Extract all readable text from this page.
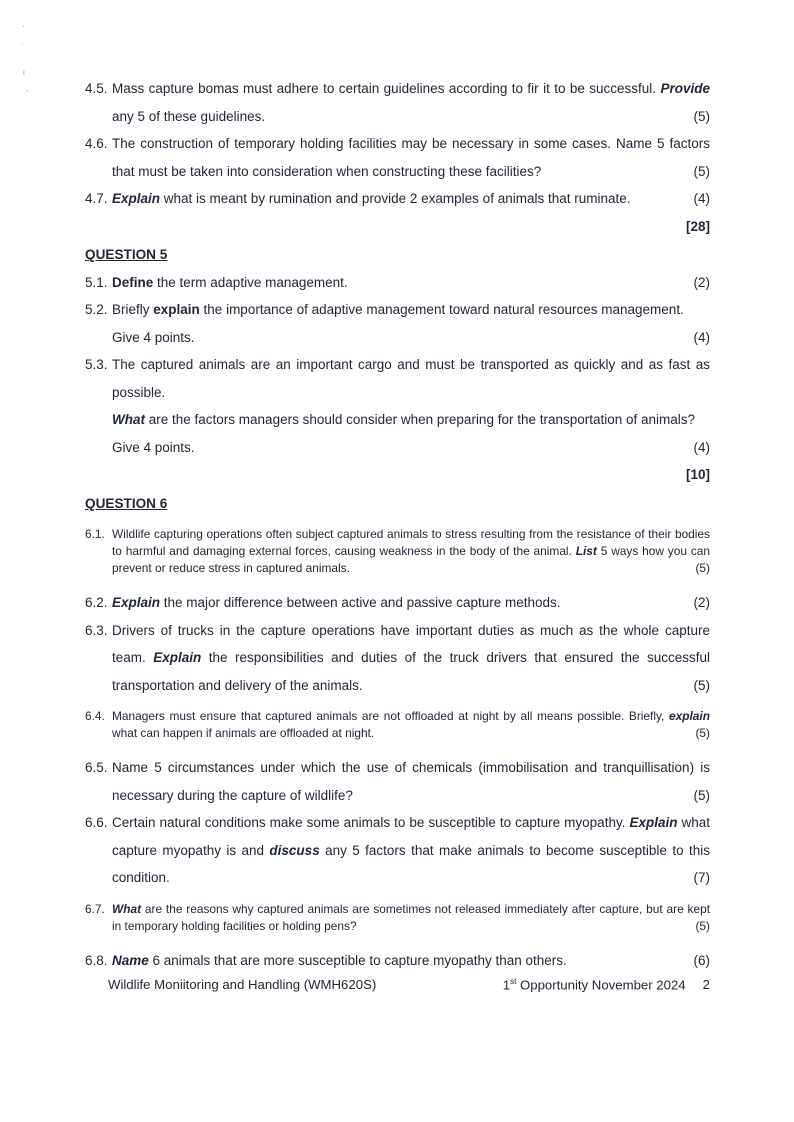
4.5. Mass capture bomas must adhere to certain guidelines according to fir it to be successful. Provide any 5 of these guidelines.	(5)
4.6. The construction of temporary holding facilities may be necessary in some cases. Name 5 factors that must be taken into consideration when constructing these facilities?	(5)
4.7. Explain what is meant by rumination and provide 2 examples of animals that ruminate.	(4)
[28]
QUESTION 5
5.1. Define the term adaptive management.	(2)
5.2. Briefly explain the importance of adaptive management toward natural resources management.
Give 4 points.	(4)
5.3. The captured animals are an important cargo and must be transported as quickly and as fast as possible.
What are the factors managers should consider when preparing for the transportation of animals?
Give 4 points.	(4)
[10]
QUESTION 6
6.1. Wildlife capturing operations often subject captured animals to stress resulting from the resistance of their bodies to harmful and damaging external forces, causing weakness in the body of the animal. List 5 ways how you can prevent or reduce stress in captured animals.	(5)
6.2. Explain the major difference between active and passive capture methods.	(2)
6.3. Drivers of trucks in the capture operations have important duties as much as the whole capture team. Explain the responsibilities and duties of the truck drivers that ensured the successful transportation and delivery of the animals.	(5)
6.4. Managers must ensure that captured animals are not offloaded at night by all means possible. Briefly, explain what can happen if animals are offloaded at night.	(5)
6.5. Name 5 circumstances under which the use of chemicals (immobilisation and tranquillisation) is necessary during the capture of wildlife?	(5)
6.6. Certain natural conditions make some animals to be susceptible to capture myopathy. Explain what capture myopathy is and discuss any 5 factors that make animals to become susceptible to this condition.	(7)
6.7. What are the reasons why captured animals are sometimes not released immediately after capture, but are kept in temporary holding facilities or holding pens?	(5)
6.8. Name 6 animals that are more susceptible to capture myopathy than others.	(6)
·
·
ι
,
Wildlife Moniitoring and Handling (WMH620S)	1st Opportunity November 2024 2
